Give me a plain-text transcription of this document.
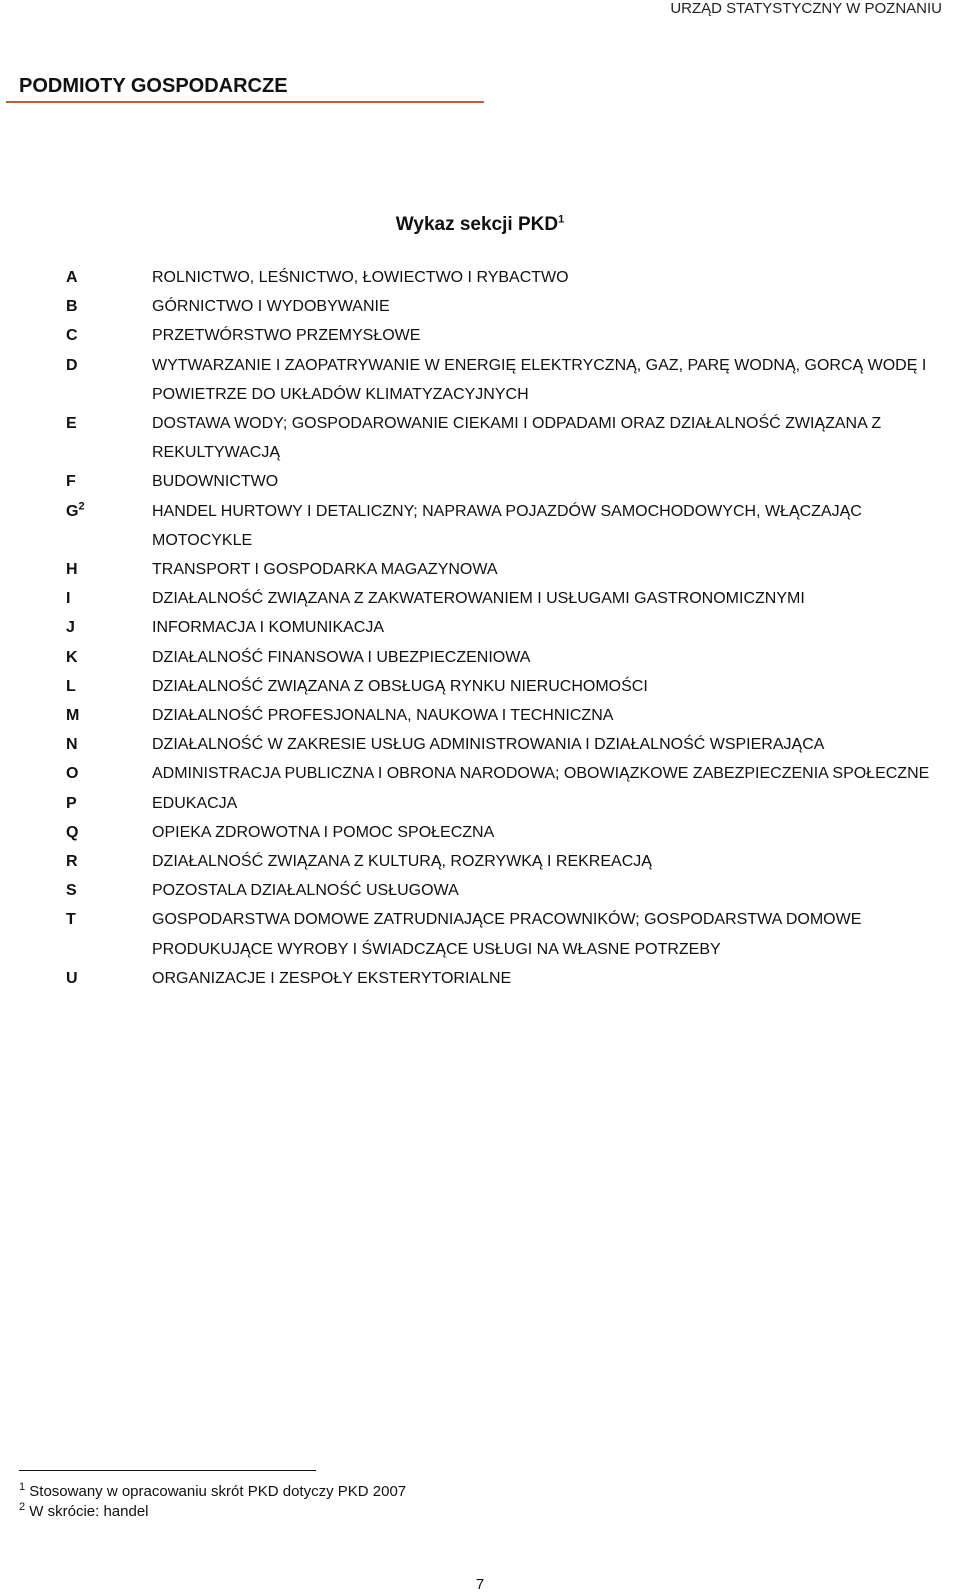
URZĄD STATYSTYCZNY W POZNANIU
PODMIOTY GOSPODARCZE
Wykaz sekcji PKD$^1$
A	ROLNICTWO, LEŚNICTWO, ŁOWIECTWO I RYBACTWO
B	GÓRNICTWO I WYDOBYWANIE
C	PRZETWÓRSTWO PRZEMYSŁOWE
D	WYTWARZANIE I ZAOPATRYWANIE W ENERGIĘ ELEKTRYCZNĄ, GAZ, PARĘ WODNĄ, GORCĄ WODĘ I POWIETRZE DO UKŁADÓW KLIMATYZACYJNYCH
E	DOSTAWA WODY; GOSPODAROWANIE CIEKAMI I ODPADAMI ORAZ DZIAŁALNOŚĆ ZWIĄZANA Z REKULTYWACJĄ
F	BUDOWNICTWO
$G^2$	HANDEL HURTOWY I DETALICZNY; NAPRAWA POJAZDÓW SAMOCHODOWYCH, WŁĄCZAJĄC MOTOCYKLE
H	TRANSPORT I GOSPODARKA MAGAZYNOWA
I	DZIAŁALNOŚĆ ZWIĄZANA Z ZAKWATEROWANIEM I USŁUGAMI GASTRONOMICZNYMI
J	INFORMACJA I KOMUNIKACJA
K	DZIAŁALNOŚĆ FINANSOWA I UBEZPIECZENIOWA
L	DZIAŁALNOŚĆ ZWIĄZANA Z OBSŁUGĄ RYNKU NIERUCHOMOŚCI
M	DZIAŁALNOŚĆ PROFESJONALNA, NAUKOWA I TECHNICZNA
N	DZIAŁALNOŚĆ W ZAKRESIE USŁUG ADMINISTROWANIA I DZIAŁALNOŚĆ WSPIERAJĄCA
O	ADMINISTRACJA PUBLICZNA I OBRONA NARODOWA; OBOWIĄZKOWE ZABEZPIECZENIA SPOŁECZNE
P	EDUKACJA
Q	OPIEKA ZDROWOTNA I POMOC SPOŁECZNA
R	DZIAŁALNOŚĆ ZWIĄZANA Z KULTURĄ, ROZRYWKĄ I REKREACJĄ
S	POZOSTALA DZIAŁALNOŚĆ USŁUGOWA
T	GOSPODARSTWA DOMOWE ZATRUDNIAJĄCE PRACOWNIKÓW; GOSPODARSTWA DOMOWE PRODUKUJĄCE WYROBY I ŚWIADCZĄCE USŁUGI NA WŁASNE POTRZEBY
U	ORGANIZACJE I ZESPOŁY EKSTERYTORIALNE
$^1$ Stosowany w opracowaniu skrót PKD dotyczy PKD 2007
$^2$ W skrócie: handel
7
